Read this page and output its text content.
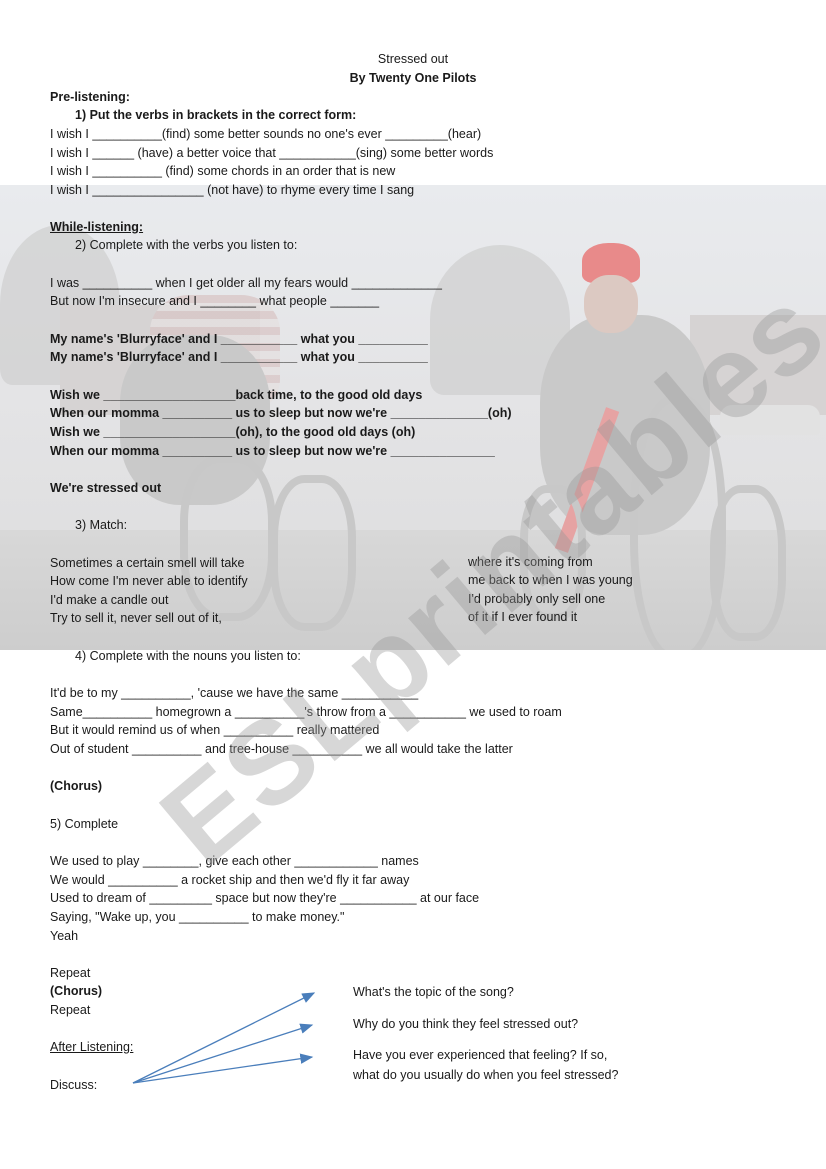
Stressed out
By Twenty One Pilots
Pre-listening:
1) Put the verbs in brackets in the correct form:
I wish I __________(find) some better sounds no one's ever _________(hear)
I wish I ______ (have) a better voice that ___________(sing) some better words
I wish I __________ (find) some chords in an order that is new
I wish I ________________ (not have) to rhyme every time I sang
While-listening:
2) Complete with the verbs you listen to:
I was __________ when I get older all my fears would _____________
But now I'm insecure and I ________ what people _______
My name's 'Blurryface' and I ___________ what you __________
My name's 'Blurryface' and I ___________ what you __________
Wish we ___________________back time, to the good old days
When our momma __________ us to sleep but now we're ______________(oh)
Wish we ___________________(oh), to the good old days (oh)
When our momma __________ us to sleep but now we're _______________
We're stressed out
3) Match:
Sometimes a certain smell will take
How come I'm never able to identify
I'd make a candle out
Try to sell it, never sell out of it,
where it's coming from
me back to when I was young
I'd probably only sell one
of it if I ever found it
4) Complete with the nouns you listen to:
It'd be to my __________, 'cause we have the same ___________
Same__________ homegrown a __________'s throw from a ___________ we used to roam
But it would remind us of when __________ really mattered
Out of student __________ and tree-house __________ we all would take the latter
(Chorus)
5) Complete
We used to play ________, give each other ____________ names
We would __________ a rocket ship and then we'd fly it far away
Used to dream of _________ space but now they're ___________ at our face
Saying, "Wake up, you __________ to make money."
Yeah
Repeat
(Chorus)
Repeat
After Listening:
Discuss:
What's the topic of the song?
Why do you think they feel stressed out?
Have you ever experienced that feeling? If so, what do you usually do when you feel stressed?
